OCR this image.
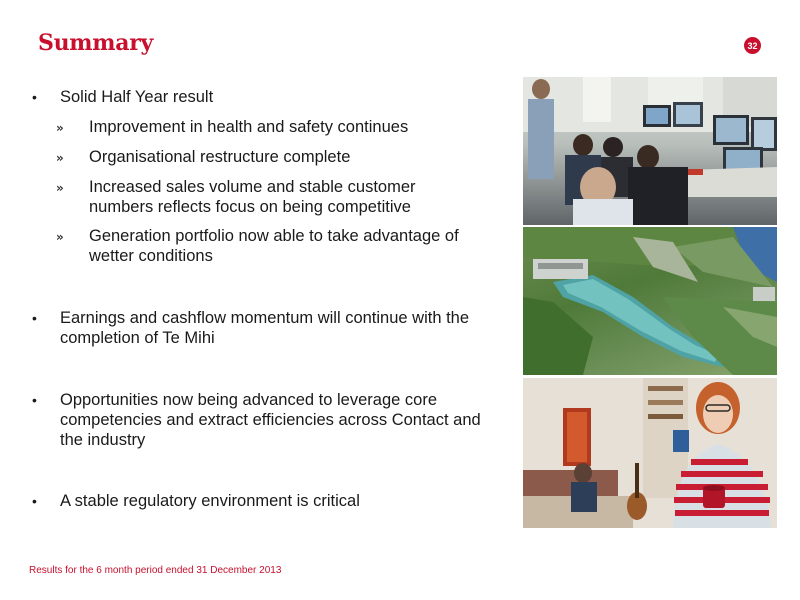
Summary	32
• Solid Half Year result
» Improvement in health and safety continues
» Organisational restructure complete
» Increased sales volume and stable customer numbers reflects focus on being competitive
» Generation portfolio now able to take advantage of wetter conditions
• Earnings and cashflow momentum will continue with the completion of Te Mihi
• Opportunities now being advanced to leverage core competencies and extract efficiencies across Contact and the industry
• A stable regulatory environment is critical
Results for the 6 month period ended 31 December 2013
